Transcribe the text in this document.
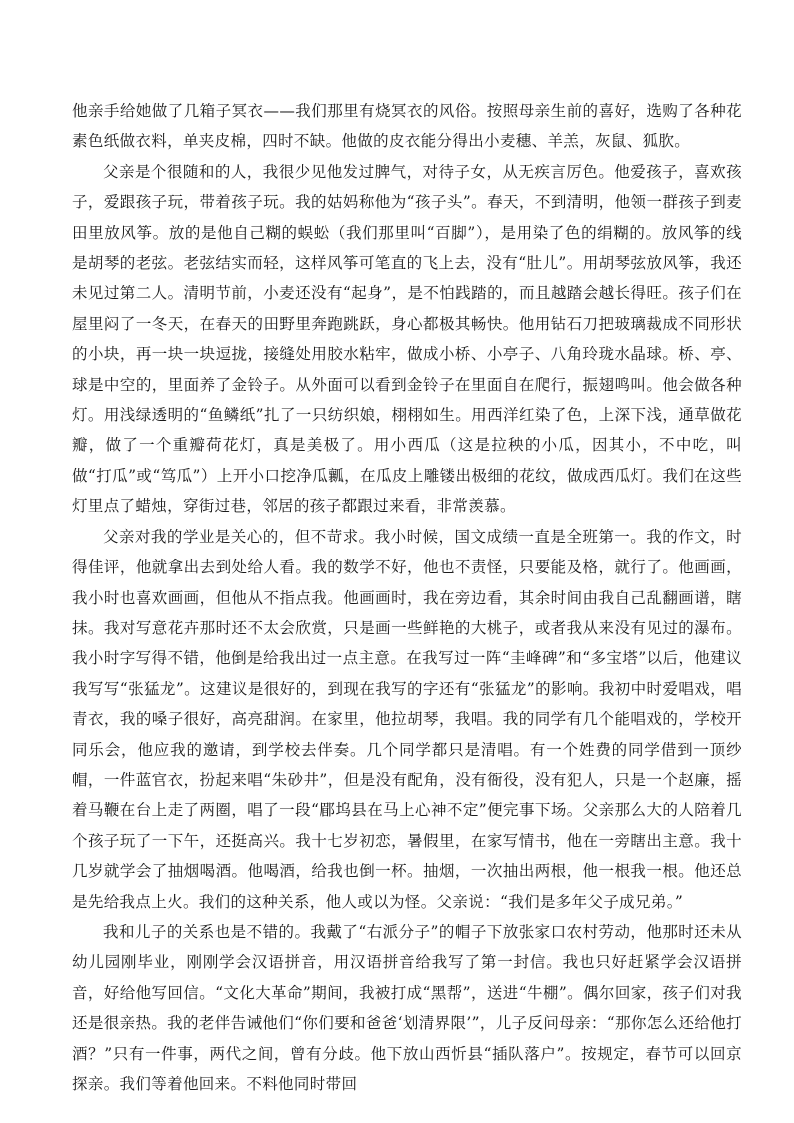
他亲手给她做了几箱子冥衣——我们那里有烧冥衣的风俗。按照母亲生前的喜好，选购了各种花素色纸做衣料，单夹皮棉，四时不缺。他做的皮衣能分得出小麦穗、羊羔，灰鼠、狐肷。

父亲是个很随和的人，我很少见他发过脾气，对待子女，从无疾言厉色。他爱孩子，喜欢孩子，爱跟孩子玩，带着孩子玩。我的姑妈称他为“孩子头”。春天，不到清明，他领一群孩子到麦田里放风筝。放的是他自己糊的蜈蚣（我们那里叫“百脚”），是用染了色的绢糊的。放风筝的线是胡琴的老弦。老弦结实而轻，这样风筝可笔直的飞上去，没有“肚儿”。用胡琴弦放风筝，我还未见过第二人。清明节前，小麦还没有“起身”，是不怕践踏的，而且越踏会越长得旺。孩子们在屋里闷了一冬天，在春天的田野里奔跑跳跃，身心都极其畅快。他用钻石刀把玻璃裁成不同形状的小块，再一块一块逗拢，接缝处用胶水粘牢，做成小桥、小亭子、八角玲珑水晶球。桥、亭、球是中空的，里面养了金铃子。从外面可以看到金铃子在里面自在爬行，振翅鸣叫。他会做各种灯。用浅绿透明的“鱼鳞纸”扎了一只纺织娘，栩栩如生。用西洋红染了色，上深下浅，通草做花瓣，做了一个重瓣荷花灯，真是美极了。用小西瓜（这是拉秧的小瓜，因其小，不中吃，叫做“打瓜”或“笃瓜”）上开小口挖净瓜瓤，在瓜皮上雕镂出极细的花纹，做成西瓜灯。我们在这些灯里点了蜡烛，穿街过巷，邻居的孩子都跟过来看，非常羡慕。

父亲对我的学业是关心的，但不苛求。我小时候，国文成绩一直是全班第一。我的作文，时得佳评，他就拿出去到处给人看。我的数学不好，他也不责怪，只要能及格，就行了。他画画，我小时也喜欢画画，但他从不指点我。他画画时，我在旁边看，其余时间由我自己乱翻画谱，瞎抹。我对写意花卉那时还不太会欣赏，只是画一些鲜艳的大桃子，或者我从来没有见过的瀑布。我小时字写得不错，他倒是给我出过一点主意。在我写过一阵“圭峰碑”和“多宝塔”以后，他建议我写写“张猛龙”。这建议是很好的，到现在我写的字还有“张猛龙”的影响。我初中时爱唱戏，唱青衣，我的嗓子很好，高亮甜润。在家里，他拉胡琴，我唱。我的同学有几个能唱戏的，学校开同乐会，他应我的邀请，到学校去伴奏。几个同学都只是清唱。有一个姓费的同学借到一顶纱帽，一件蓝官衣，扮起来唱“朱砂井”，但是没有配角，没有衙役，没有犯人，只是一个赵廉，摇着马鞭在台上走了两圈，唱了一段“郿坞县在马上心神不定”便完事下场。父亲那么大的人陪着几个孩子玩了一下午，还挺高兴。我十七岁初恋，暑假里，在家写情书，他在一旁瞎出主意。我十几岁就学会了抽烟喝酒。他喝酒，给我也倒一杯。抽烟，一次抽出两根，他一根我一根。他还总是先给我点上火。我们的这种关系，他人或以为怪。父亲说：“我们是多年父子成兄弟。”

我和儿子的关系也是不错的。我戴了“右派分子”的帽子下放张家口农村劳动，他那时还未从幼儿园刚毕业，刚刚学会汉语拼音，用汉语拼音给我写了第一封信。我也只好赶紧学会汉语拼音，好给他写回信。“文化大革命”期间，我被打成“黑帮”，送进“牛棚”。偶尔回家，孩子们对我还是很亲热。我的老伴告诫他们“你们要和爸爸‘划清界限’”，儿子反问母亲：“那你怎么还给他打酒？”只有一件事，两代之间，曾有分歧。他下放山西忻县“插队落户”。按规定，春节可以回京探亲。我们等着他回来。不料他同时带回
